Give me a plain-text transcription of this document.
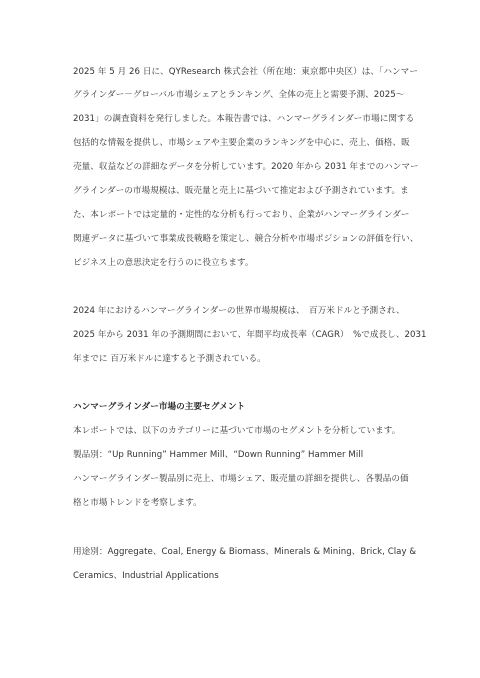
2025 年 5 月 26 日に、QYResearch 株式会社（所在地：東京都中央区）は、「ハンマー
グラインダー－グローバル市場シェアとランキング、全体の売上と需要予測、2025～
2031」の調査資料を発行しました。本報告書では、ハンマーグラインダー市場に関する
包括的な情報を提供し、市場シェアや主要企業のランキングを中心に、売上、価格、販
売量、収益などの詳細なデータを分析しています。2020 年から 2031 年までのハンマー
グラインダーの市場規模は、販売量と売上に基づいて推定および予測されています。ま
た、本レポートでは定量的・定性的な分析も行っており、企業がハンマーグラインダー
関連データに基づいて事業成長戦略を策定し、競合分析や市場ポジションの評価を行い、
ビジネス上の意思決定を行うのに役立ちます。
2024 年におけるハンマーグラインダーの世界市場規模は、　百万米ドルと予測され、
2025 年から 2031 年の予測期間において、年間平均成長率（CAGR）　%で成長し、2031
年までに 百万米ドルに達すると予測されている。
ハンマーグラインダー市場の主要セグメント
本レポートでは、以下のカテゴリーに基づいて市場のセグメントを分析しています。
製品別：“Up Running” Hammer Mill、“Down Running” Hammer Mill
ハンマーグラインダー製品別に売上、市場シェア、販売量の詳細を提供し、各製品の価
格と市場トレンドを考察します。
用途別：Aggregate、Coal, Energy & Biomass、Minerals & Mining、Brick, Clay &
Ceramics、Industrial Applications
